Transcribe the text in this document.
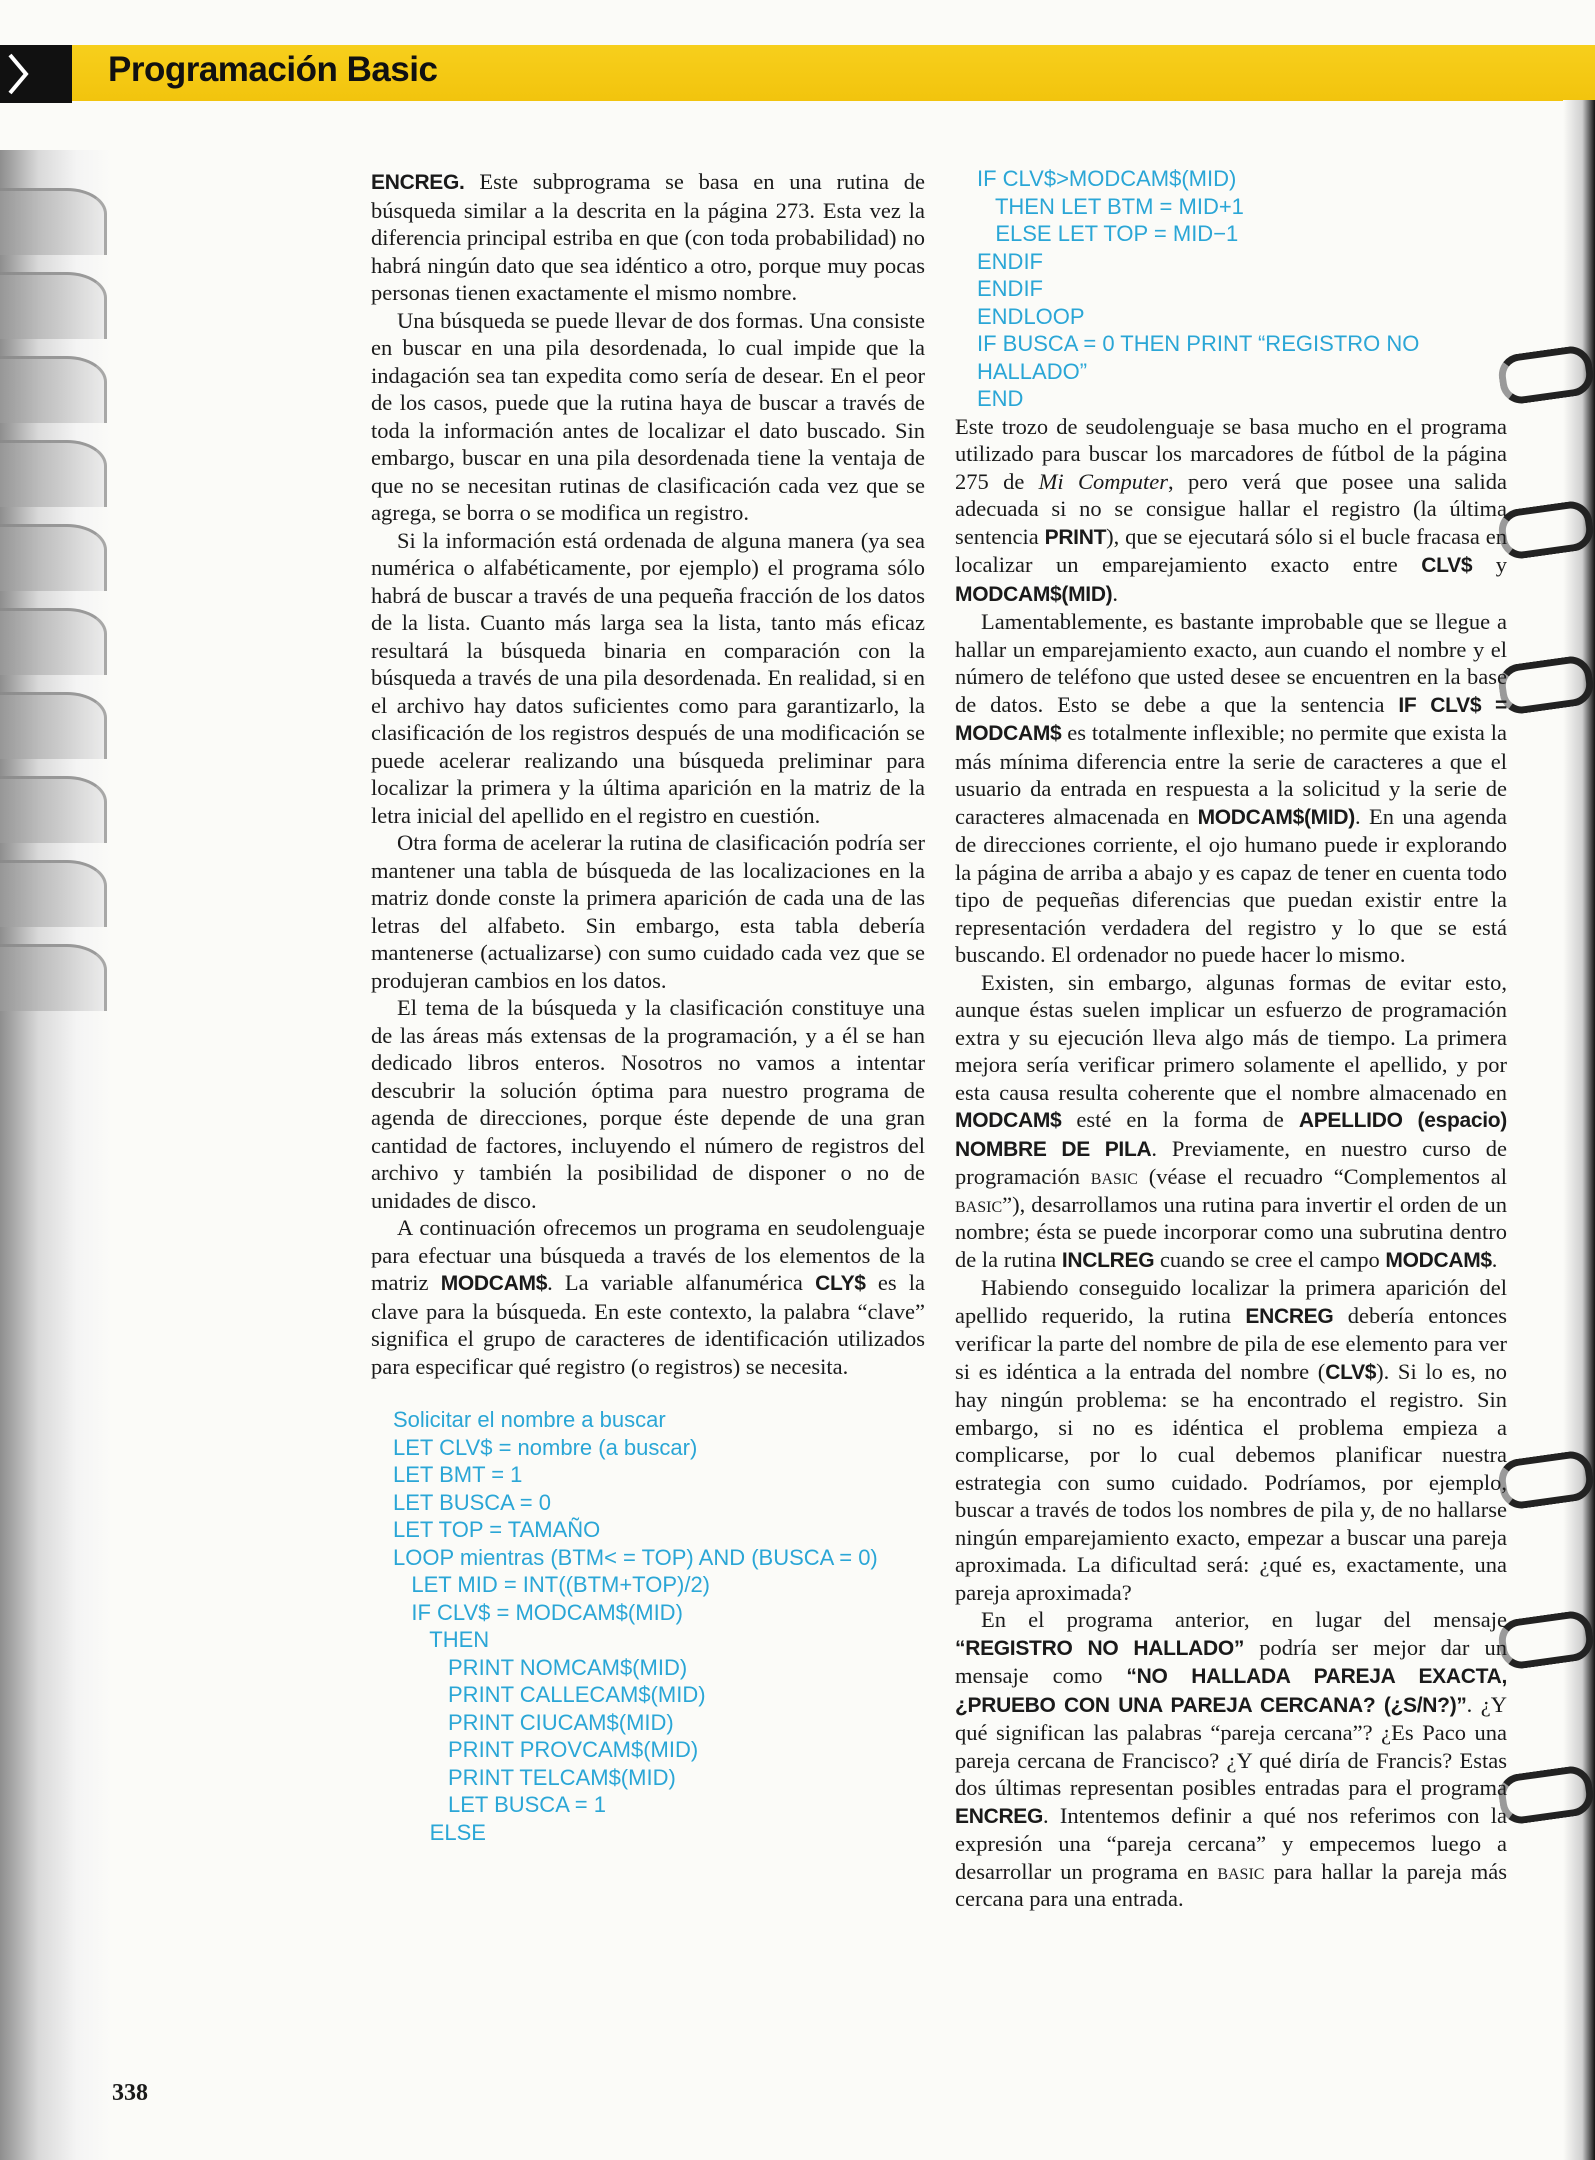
Programación Basic

ENCREG. Este subprograma se basa en una rutina de búsqueda similar a la descrita en la página 273. Esta vez la diferencia principal estriba en que (con toda probabilidad) no habrá ningún dato que sea idéntico a otro, porque muy pocas personas tienen exactamente el mismo nombre.

Una búsqueda se puede llevar de dos formas. Una consiste en buscar en una pila desordenada, lo cual impide que la indagación sea tan expedita como sería de desear. En el peor de los casos, puede que la rutina haya de buscar a través de toda la información antes de localizar el dato buscado. Sin embargo, buscar en una pila desordenada tiene la ventaja de que no se necesitan rutinas de clasificación cada vez que se agrega, se borra o se modifica un registro.

Si la información está ordenada de alguna manera (ya sea numérica o alfabéticamente, por ejemplo) el programa sólo habrá de buscar a través de una pequeña fracción de los datos de la lista. Cuanto más larga sea la lista, tanto más eficaz resultará la búsqueda binaria en comparación con la búsqueda a través de una pila desordenada. En realidad, si en el archivo hay datos suficientes como para garantizarlo, la clasificación de los registros después de una modificación se puede acelerar realizando una búsqueda preliminar para localizar la primera y la última aparición en la matriz de la letra inicial del apellido en el registro en cuestión.

Otra forma de acelerar la rutina de clasificación podría ser mantener una tabla de búsqueda de las localizaciones en la matriz donde conste la primera aparición de cada una de las letras del alfabeto. Sin embargo, esta tabla debería mantenerse (actualizarse) con sumo cuidado cada vez que se produjeran cambios en los datos.

El tema de la búsqueda y la clasificación constituye una de las áreas más extensas de la programación, y a él se han dedicado libros enteros. Nosotros no vamos a intentar descubrir la solución óptima para nuestro programa de agenda de direcciones, porque éste depende de una gran cantidad de factores, incluyendo el número de registros del archivo y también la posibilidad de disponer o no de unidades de disco.

A continuación ofrecemos un programa en seudolenguaje para efectuar una búsqueda a través de los elementos de la matriz MODCAM$. La variable alfanumérica CLY$ es la clave para la búsqueda. En este contexto, la palabra “clave” significa el grupo de caracteres de identificación utilizados para especificar qué registro (o registros) se necesita.

Solicitar el nombre a buscar
LET CLV$ = nombre (a buscar)
LET BMT = 1
LET BUSCA = 0
LET TOP = TAMAÑO
LOOP mientras (BTM< = TOP) AND (BUSCA = 0)
LET MID = INT((BTM+TOP)/2)
IF CLV$ = MODCAM$(MID)
THEN
PRINT NOMCAM$(MID)
PRINT CALLECAM$(MID)
PRINT CIUCAM$(MID)
PRINT PROVCAM$(MID)
PRINT TELCAM$(MID)
LET BUSCA = 1
ELSE
IF CLV$>MODCAM$(MID)
THEN LET BTM = MID+1
ELSE LET TOP = MID−1
ENDIF
ENDIF
ENDLOOP
IF BUSCA = 0 THEN PRINT “REGISTRO NO
HALLADO”
END

Este trozo de seudolenguaje se basa mucho en el programa utilizado para buscar los marcadores de fútbol de la página 275 de Mi Computer, pero verá que posee una salida adecuada si no se consigue hallar el registro (la última sentencia PRINT), que se ejecutará sólo si el bucle fracasa en localizar un emparejamiento exacto entre CLV$ y MODCAM$(MID).

Lamentablemente, es bastante improbable que se llegue a hallar un emparejamiento exacto, aun cuando el nombre y el número de teléfono que usted desee se encuentren en la base de datos. Esto se debe a que la sentencia IF CLV$ = MODCAM$ es totalmente inflexible; no permite que exista la más mínima diferencia entre la serie de caracteres a que el usuario da entrada en respuesta a la solicitud y la serie de caracteres almacenada en MODCAM$(MID). En una agenda de direcciones corriente, el ojo humano puede ir explorando la página de arriba a abajo y es capaz de tener en cuenta todo tipo de pequeñas diferencias que puedan existir entre la representación verdadera del registro y lo que se está buscando. El ordenador no puede hacer lo mismo.

Existen, sin embargo, algunas formas de evitar esto, aunque éstas suelen implicar un esfuerzo de programación extra y su ejecución lleva algo más de tiempo. La primera mejora sería verificar primero solamente el apellido, y por esta causa resulta coherente que el nombre almacenado en MODCAM$ esté en la forma de APELLIDO (espacio) NOMBRE DE PILA. Previamente, en nuestro curso de programación basic (véase el recuadro “Complementos al basic”), desarrollamos una rutina para invertir el orden de un nombre; ésta se puede incorporar como una subrutina dentro de la rutina INCLREG cuando se cree el campo MODCAM$.

Habiendo conseguido localizar la primera aparición del apellido requerido, la rutina ENCREG debería entonces verificar la parte del nombre de pila de ese elemento para ver si es idéntica a la entrada del nombre (CLV$). Si lo es, no hay ningún problema: se ha encontrado el registro. Sin embargo, si no es idéntica el problema empieza a complicarse, por lo cual debemos planificar nuestra estrategia con sumo cuidado. Podríamos, por ejemplo, buscar a través de todos los nombres de pila y, de no hallarse ningún emparejamiento exacto, empezar a buscar una pareja aproximada. La dificultad será: ¿qué es, exactamente, una pareja aproximada?

En el programa anterior, en lugar del mensaje “REGISTRO NO HALLADO” podría ser mejor dar un mensaje como “NO HALLADA PAREJA EXACTA, ¿PRUEBO CON UNA PAREJA CERCANA? (¿S/N?)”. ¿Y qué significan las palabras “pareja cercana”? ¿Es Paco una pareja cercana de Francisco? ¿Y qué diría de Francis? Estas dos últimas representan posibles entradas para el programa ENCREG. Intentemos definir a qué nos referimos con la expresión una “pareja cercana” y empecemos luego a desarrollar un programa en basic para hallar la pareja más cercana para una entrada.

338
